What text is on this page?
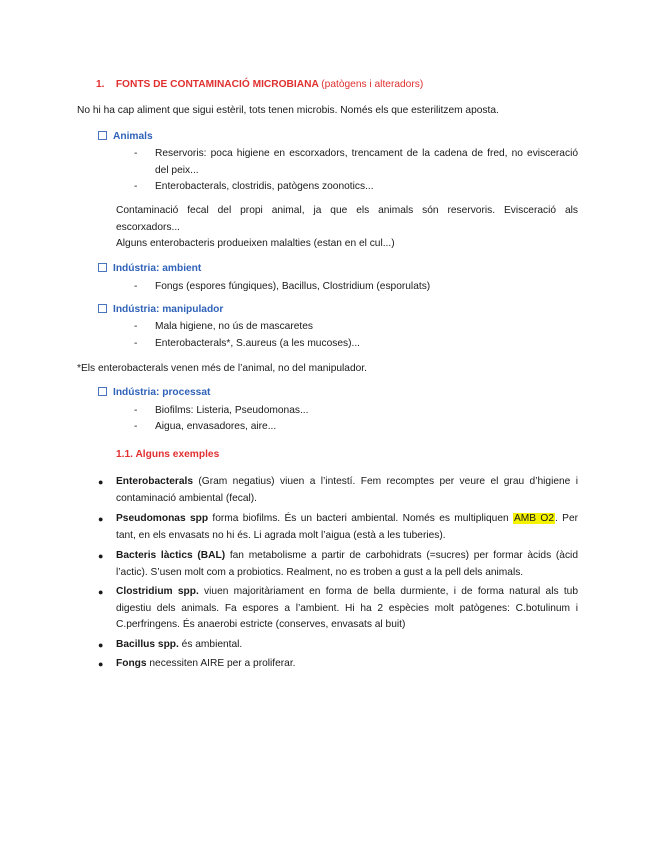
1. FONTS DE CONTAMINACIÓ MICROBIANA (patògens i alteradors)
No hi ha cap aliment que sigui estèril, tots tenen microbis. Només els que esterilitzem aposta.
Animals
- Reservoris: poca higiene en escorxadors, trencament de la cadena de fred, no evisceració
del peix...
- Enterobacterals, clostridis, patògens zoonotics...
Contaminació fecal del propi animal, ja que els animals són reservoris. Evisceració als
escorxadors...
Alguns enterobacteris produeixen malalties (estan en el cul...)
Indústria: ambient
- Fongs (espores fúngiques), Bacillus, Clostridium (esporulats)
Indústria: manipulador
- Mala higiene, no ús de mascaretes
- Enterobacterals*, S.aureus (a les mucoses)...
*Els enterobacterals venen més de l’animal, no del manipulador.
Indústria: processat
- Biofilms: Listeria, Pseudomonas...
- Aigua, envasadores, aire...
1.1. Alguns exemples
● Enterobacterals (Gram negatius) viuen a l’intestí. Fem recomptes per veure el grau d’higiene i
contaminació ambiental (fecal).
● Pseudomonas spp forma biofilms. És un bacteri ambiental. Només es multipliquen AMB O2. Per
tant, en els envasats no hi és. Li agrada molt l’aigua (està a les tuberies).
● Bacteris làctics (BAL) fan metabolisme a partir de carbohidrats (=sucres) per formar àcids (àcid
l’actic). S’usen molt com a probiotics. Realment, no es troben a gust a la pell dels animals.
● Clostridium spp. viuen majoritàriament en forma de bella durmiente, i de forma natural als tub
digestiu dels animals. Fa espores a l’ambient. Hi ha 2 espècies molt patògenes: C.botulinum i
C.perfringens. És anaerobi estricte (conserves, envasats al buit)
● Bacillus spp. és ambiental.
● Fongs necessiten AIRE per a proliferar.
